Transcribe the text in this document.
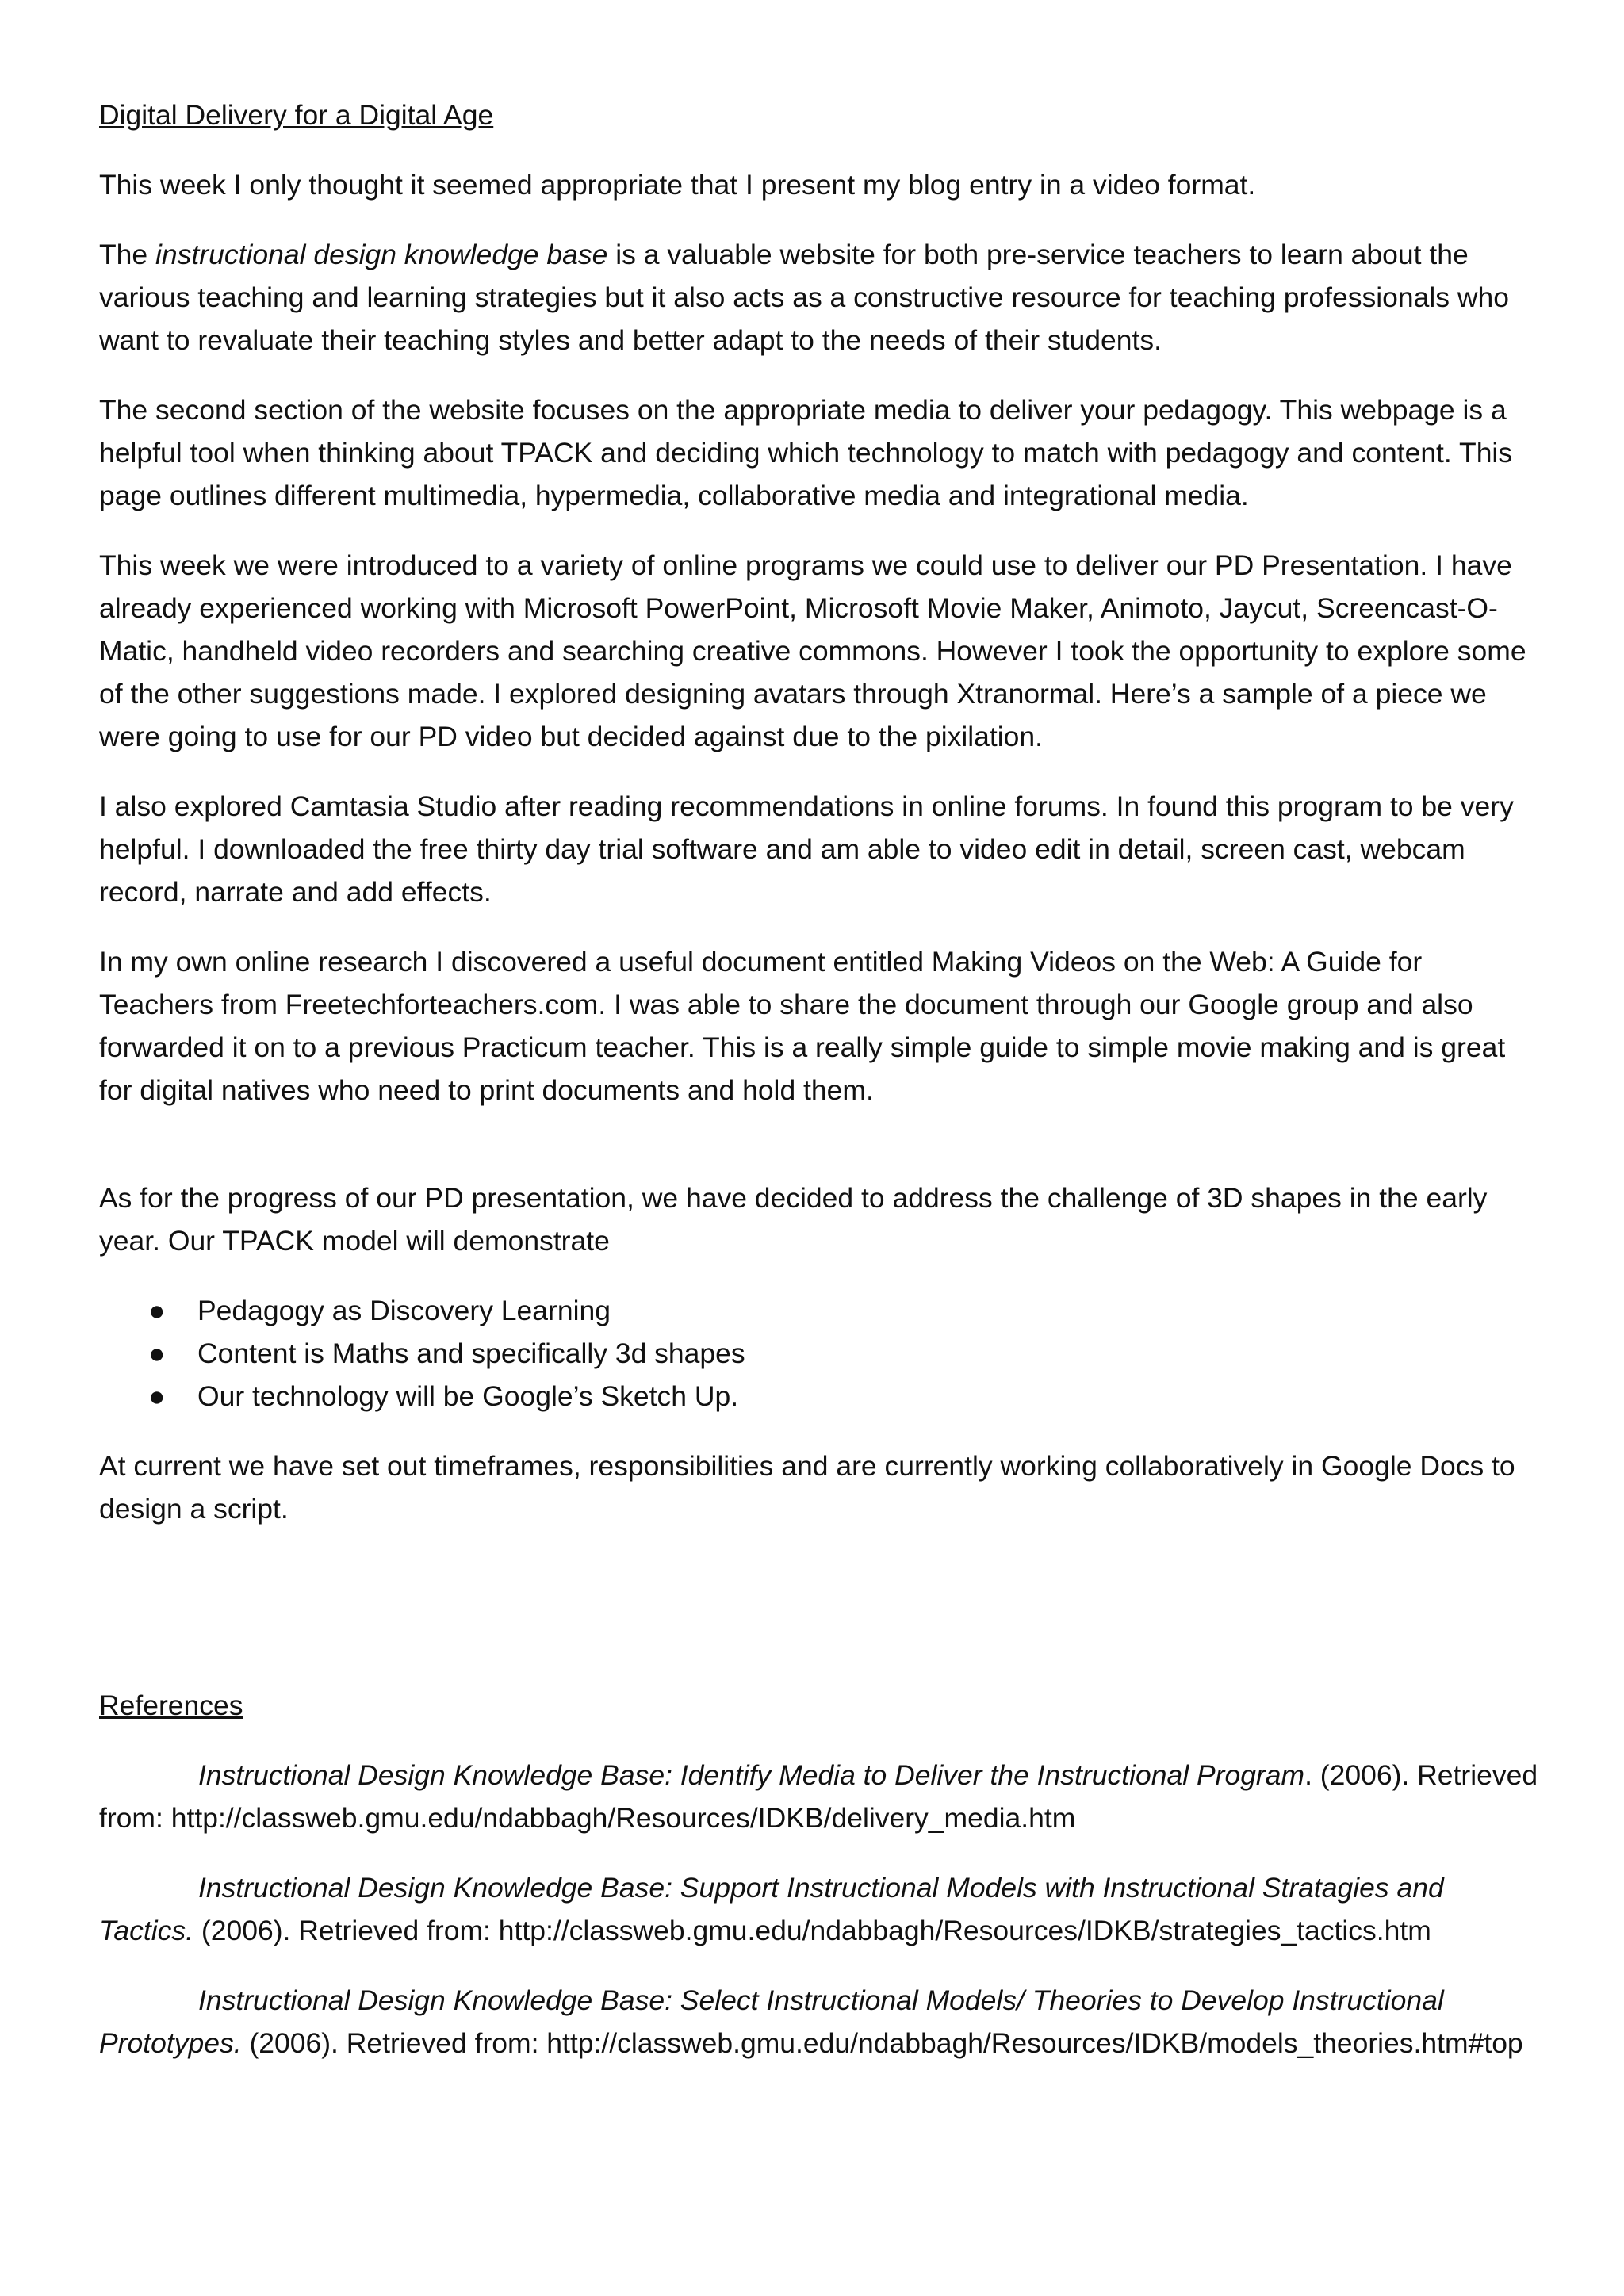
Digital Delivery for a Digital Age

This week I only thought it seemed appropriate that I present my blog entry in a video format.

The instructional design knowledge base is a valuable website for both pre-service teachers to learn about the various teaching and learning strategies but it also acts as a constructive resource for teaching professionals who want to revaluate their teaching styles and better adapt to the needs of their students.

The second section of the website focuses on the appropriate media to deliver your pedagogy. This webpage is a helpful tool when thinking about TPACK and deciding which technology to match with pedagogy and content. This page outlines different multimedia, hypermedia, collaborative media and integrational media.

This week we were introduced to a variety of online programs we could use to deliver our PD Presentation. I have already experienced working with Microsoft PowerPoint, Microsoft Movie Maker, Animoto, Jaycut, Screencast-O-Matic, handheld video recorders and searching creative commons. However I took the opportunity to explore some of the other suggestions made. I explored designing avatars through Xtranormal. Here’s a sample of a piece we were going to use for our PD video but decided against due to the pixilation.

I also explored Camtasia Studio after reading recommendations in online forums. In found this program to be very helpful. I downloaded the free thirty day trial software and am able to video edit in detail, screen cast, webcam record, narrate and add effects.

In my own online research I discovered a useful document entitled Making Videos on the Web: A Guide for Teachers from Freetechforteachers.com. I was able to share the document through our Google group and also forwarded it on to a previous Practicum teacher. This is a really simple guide to simple movie making and is great for digital natives who need to print documents and hold them.

As for the progress of our PD presentation, we have decided to address the challenge of 3D shapes in the early year. Our TPACK model will demonstrate

● Pedagogy as Discovery Learning
● Content is Maths and specifically 3d shapes
● Our technology will be Google’s Sketch Up.

At current we have set out timeframes, responsibilities and are currently working collaboratively in Google Docs to design a script.

References

Instructional Design Knowledge Base: Identify Media to Deliver the Instructional Program. (2006). Retrieved from: http://classweb.gmu.edu/ndabbagh/Resources/IDKB/delivery_media.htm

Instructional Design Knowledge Base: Support Instructional Models with Instructional Stratagies and Tactics. (2006). Retrieved from: http://classweb.gmu.edu/ndabbagh/Resources/IDKB/strategies_tactics.htm

Instructional Design Knowledge Base: Select Instructional Models/ Theories to Develop Instructional Prototypes. (2006). Retrieved from: http://classweb.gmu.edu/ndabbagh/Resources/IDKB/models_theories.htm#top
